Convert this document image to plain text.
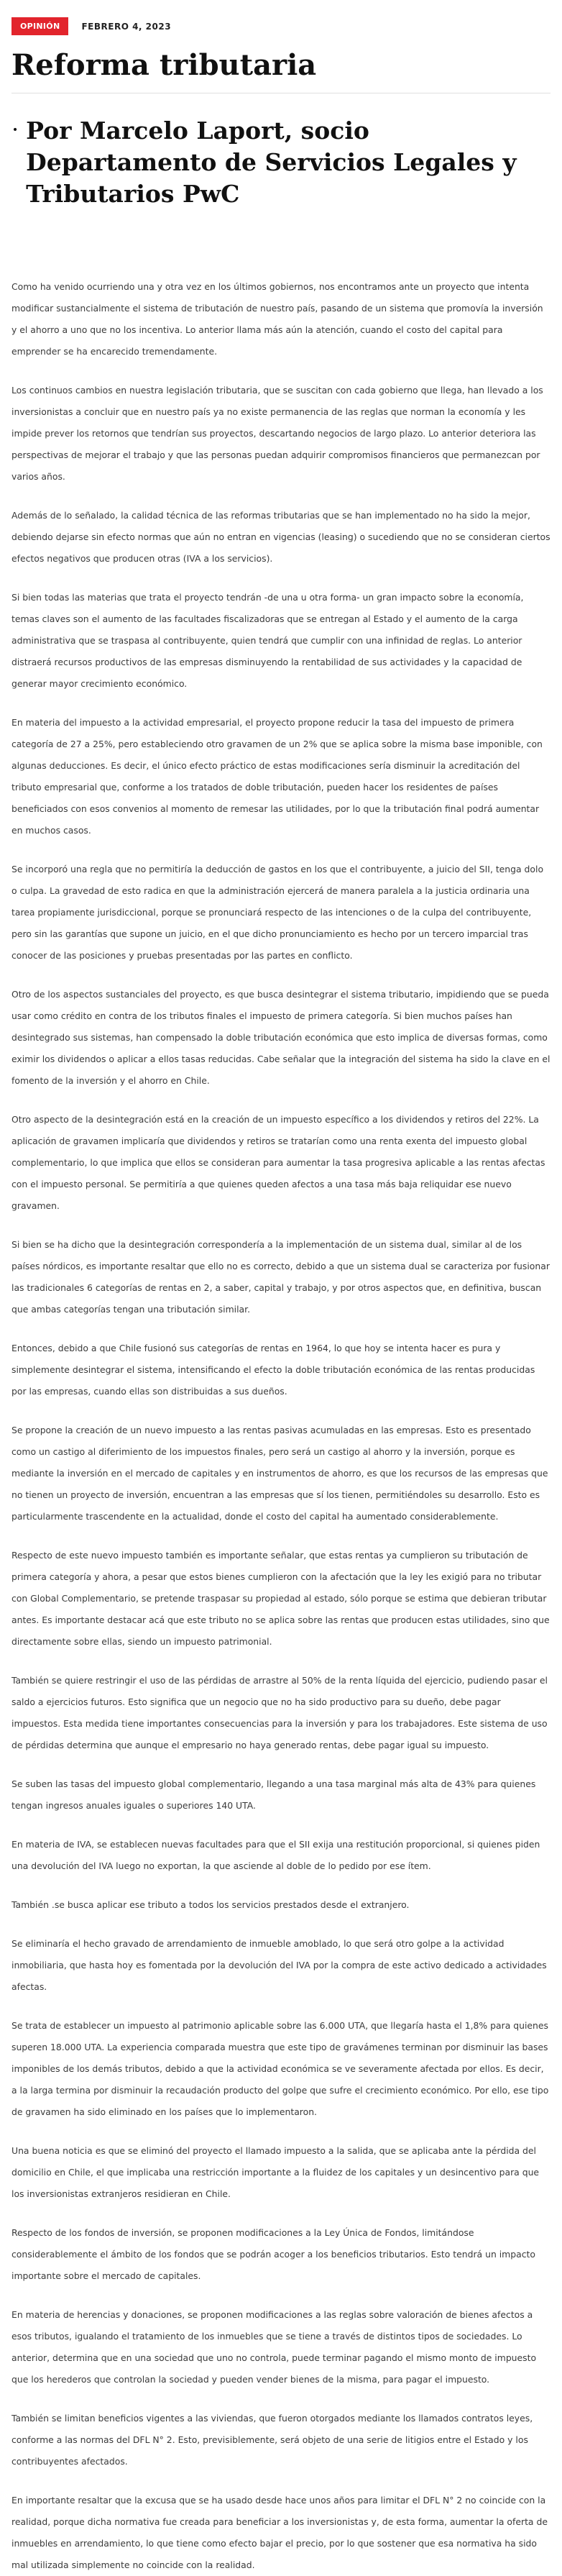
OPINIÓN	FEBRERO 4, 2023
Reforma tributaria
· Por Marcelo Laport, socio Departamento de Servicios Legales y Tributarios PwC

Como ha venido ocurriendo una y otra vez en los últimos gobiernos, nos encontramos ante un proyecto que intenta modificar sustancialmente el sistema de tributación de nuestro país, pasando de un sistema que promovía la inversión y el ahorro a uno que no los incentiva. Lo anterior llama más aún la atención, cuando el costo del capital para emprender se ha encarecido tremendamente.

Los continuos cambios en nuestra legislación tributaria, que se suscitan con cada gobierno que llega, han llevado a los inversionistas a concluir que en nuestro país ya no existe permanencia de las reglas que norman la economía y les impide prever los retornos que tendrían sus proyectos, descartando negocios de largo plazo. Lo anterior deteriora las perspectivas de mejorar el trabajo y que las personas puedan adquirir compromisos financieros que permanezcan por varios años.

Además de lo señalado, la calidad técnica de las reformas tributarias que se han implementado no ha sido la mejor, debiendo dejarse sin efecto normas que aún no entran en vigencias (leasing) o sucediendo que no se consideran ciertos efectos negativos que producen otras (IVA a los servicios).

Si bien todas las materias que trata el proyecto tendrán -de una u otra forma- un gran impacto sobre la economía, temas claves son el aumento de las facultades fiscalizadoras que se entregan al Estado y el aumento de la carga administrativa que se traspasa al contribuyente, quien tendrá que cumplir con una infinidad de reglas. Lo anterior distraerá recursos productivos de las empresas disminuyendo la rentabilidad de sus actividades y la capacidad de generar mayor crecimiento económico.

En materia del impuesto a la actividad empresarial, el proyecto propone reducir la tasa del impuesto de primera categoría de 27 a 25%, pero estableciendo otro gravamen de un 2% que se aplica sobre la misma base imponible, con algunas deducciones. Es decir, el único efecto práctico de estas modificaciones sería disminuir la acreditación del tributo empresarial que, conforme a los tratados de doble tributación, pueden hacer los residentes de países beneficiados con esos convenios al momento de remesar las utilidades, por lo que la tributación final podrá aumentar en muchos casos.

Se incorporó una regla que no permitiría la deducción de gastos en los que el contribuyente, a juicio del SII, tenga dolo o culpa. La gravedad de esto radica en que la administración ejercerá de manera paralela a la justicia ordinaria una tarea propiamente jurisdiccional, porque se pronunciará respecto de las intenciones o de la culpa del contribuyente, pero sin las garantías que supone un juicio, en el que dicho pronunciamiento es hecho por un tercero imparcial tras conocer de las posiciones y pruebas presentadas por las partes en conflicto.

Otro de los aspectos sustanciales del proyecto, es que busca desintegrar el sistema tributario, impidiendo que se pueda usar como crédito en contra de los tributos finales el impuesto de primera categoría. Si bien muchos países han desintegrado sus sistemas, han compensado la doble tributación económica que esto implica de diversas formas, como eximir los dividendos o aplicar a ellos tasas reducidas. Cabe señalar que la integración del sistema ha sido la clave en el fomento de la inversión y el ahorro en Chile.

Otro aspecto de la desintegración está en la creación de un impuesto específico a los dividendos y retiros del 22%. La aplicación de gravamen implicaría que dividendos y retiros se tratarían como una renta exenta del impuesto global complementario, lo que implica que ellos se consideran para aumentar la tasa progresiva aplicable a las rentas afectas con el impuesto personal. Se permitiría a que quienes queden afectos a una tasa más baja reliquidar ese nuevo gravamen.

Si bien se ha dicho que la desintegración correspondería a la implementación de un sistema dual, similar al de los países nórdicos, es importante resaltar que ello no es correcto, debido a que un sistema dual se caracteriza por fusionar las tradicionales 6 categorías de rentas en 2, a saber, capital y trabajo, y por otros aspectos que, en definitiva, buscan que ambas categorías tengan una tributación similar.

Entonces, debido a que Chile fusionó sus categorías de rentas en 1964, lo que hoy se intenta hacer es pura y simplemente desintegrar el sistema, intensificando el efecto la doble tributación económica de las rentas producidas por las empresas, cuando ellas son distribuidas a sus dueños.

Se propone la creación de un nuevo impuesto a las rentas pasivas acumuladas en las empresas. Esto es presentado como un castigo al diferimiento de los impuestos finales, pero será un castigo al ahorro y la inversión, porque es mediante la inversión en el mercado de capitales y en instrumentos de ahorro, es que los recursos de las empresas que no tienen un proyecto de inversión, encuentran a las empresas que sí los tienen, permitiéndoles su desarrollo. Esto es particularmente trascendente en la actualidad, donde el costo del capital ha aumentado considerablemente.

Respecto de este nuevo impuesto también es importante señalar, que estas rentas ya cumplieron su tributación de primera categoría y ahora, a pesar que estos bienes cumplieron con la afectación que la ley les exigió para no tributar con Global Complementario, se pretende traspasar su propiedad al estado, sólo porque se estima que debieran tributar antes. Es importante destacar acá que este tributo no se aplica sobre las rentas que producen estas utilidades, sino que directamente sobre ellas, siendo un impuesto patrimonial.

También se quiere restringir el uso de las pérdidas de arrastre al 50% de la renta líquida del ejercicio, pudiendo pasar el saldo a ejercicios futuros. Esto significa que un negocio que no ha sido productivo para su dueño, debe pagar impuestos. Esta medida tiene importantes consecuencias para la inversión y para los trabajadores. Este sistema de uso de pérdidas determina que aunque el empresario no haya generado rentas, debe pagar igual su impuesto.

Se suben las tasas del impuesto global complementario, llegando a una tasa marginal más alta de 43% para quienes tengan ingresos anuales iguales o superiores 140 UTA.

En materia de IVA, se establecen nuevas facultades para que el SII exija una restitución proporcional, si quienes piden una devolución del IVA luego no exportan, la que asciende al doble de lo pedido por ese ítem.

También .se busca aplicar ese tributo a todos los servicios prestados desde el extranjero.

Se eliminaría el hecho gravado de arrendamiento de inmueble amoblado, lo que será otro golpe a la actividad inmobiliaria, que hasta hoy es fomentada por la devolución del IVA por la compra de este activo dedicado a actividades afectas.

Se trata de establecer un impuesto al patrimonio aplicable sobre las 6.000 UTA, que llegaría hasta el 1,8% para quienes superen 18.000 UTA. La experiencia comparada muestra que este tipo de gravámenes terminan por disminuir las bases imponibles de los demás tributos, debido a que la actividad económica se ve severamente afectada por ellos. Es decir, a la larga termina por disminuir la recaudación producto del golpe que sufre el crecimiento económico. Por ello, ese tipo de gravamen ha sido eliminado en los países que lo implementaron.

Una buena noticia es que se eliminó del proyecto el llamado impuesto a la salida, que se aplicaba ante la pérdida del domicilio en Chile, el que implicaba una restricción importante a la fluidez de los capitales y un desincentivo para que los inversionistas extranjeros residieran en Chile.

Respecto de los fondos de inversión, se proponen modificaciones a la Ley Única de Fondos, limitándose considerablemente el ámbito de los fondos que se podrán acoger a los beneficios tributarios. Esto tendrá un impacto importante sobre el mercado de capitales.

En materia de herencias y donaciones, se proponen modificaciones a las reglas sobre valoración de bienes afectos a esos tributos, igualando el tratamiento de los inmuebles que se tiene a través de distintos tipos de sociedades. Lo anterior, determina que en una sociedad que uno no controla, puede terminar pagando el mismo monto de impuesto que los herederos que controlan la sociedad y pueden vender bienes de la misma, para pagar el impuesto.

También se limitan beneficios vigentes a las viviendas, que fueron otorgados mediante los llamados contratos leyes, conforme a las normas del DFL N° 2. Esto, previsiblemente, será objeto de una serie de litigios entre el Estado y los contribuyentes afectados.

En importante resaltar que la excusa que se ha usado desde hace unos años para limitar el DFL N° 2 no coincide con la realidad, porque dicha normativa fue creada para beneficiar a los inversionistas y, de esta forma, aumentar la oferta de inmuebles en arrendamiento, lo que tiene como efecto bajar el precio, por lo que sostener que esa normativa ha sido mal utilizada simplemente no coincide con la realidad.
